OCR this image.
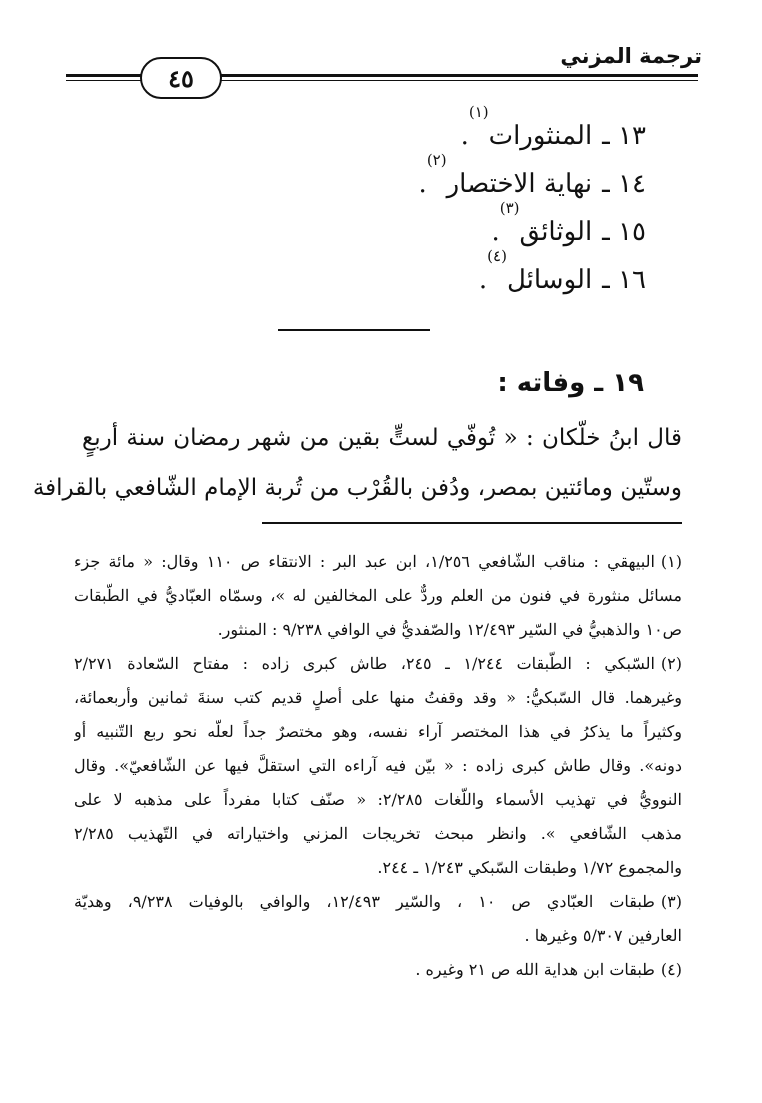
ترجمة المزني
٤٥
١٣ ـ
المنثورات
(١)
.
١٤ ـ
نهاية الاختصار
(٢)
.
١٥ ـ
الوثائق
(٣)
.
١٦ ـ
الوسائل
(٤)
.
١٩ ـ وفاته :
قال ابنُ خلّكان : « تُوفّي لستٍّ بقين من شهر رمضان سنة أربعٍ
وستّين ومائتين بمصر، ودُفن بالقُرْب من تُربة الإمام الشّافعي بالقرافة
(١)البيهقي : مناقب الشّافعي ١/٢٥٦، ابن عبد البر : الانتقاء ص ١١٠ وقال: « مائة جزء
مسائل منثورة في فنون من العلم وردٌّ على المخالفين له »، وسمّاه العبّاديُّ في الطّبقات
ص١٠ والذهبيُّ في السّير ١٢/٤٩٣ والصّفديُّ في الوافي ٩/٢٣٨ : المنثور.
(٢)السّبكي : الطّبقات ١/٢٤٤ ـ ٢٤٥، طاش كبرى زاده : مفتاح السّعادة ٢/٢٧١
وغيرهما. قال السّبكيُّ: « وقد وقفتُ منها على أصلٍ قديم كتب سنةَ ثمانين وأربعمائة،
وكثيراً ما يذكرُ في هذا المختصر آراء نفسه، وهو مختصرٌ جداً لعلّه نحو ربع التّنبيه أو
دونه». وقال طاش كبرى زاده : « بيّن فيه آراءه التي استقلَّ فيها عن الشّافعيّ». وقال
النوويُّ في تهذيب الأسماء واللّغات ٢/٢٨٥: « صنّف كتابا مفرداً على مذهبه لا على
مذهب الشّافعي ». وانظر مبحث تخريجات المزني واختياراته في التّهذيب ٢/٢٨٥
والمجموع ١/٧٢ وطبقات السّبكي ١/٢٤٣ ـ ٢٤٤.
(٣)طبقات العبّادي ص ١٠ ، والسّير ١٢/٤٩٣، والوافي بالوفيات ٩/٢٣٨، وهديّة
العارفين ٥/٣٠٧ وغيرها .
(٤)طبقات ابن هداية الله ص ٢١ وغيره .
